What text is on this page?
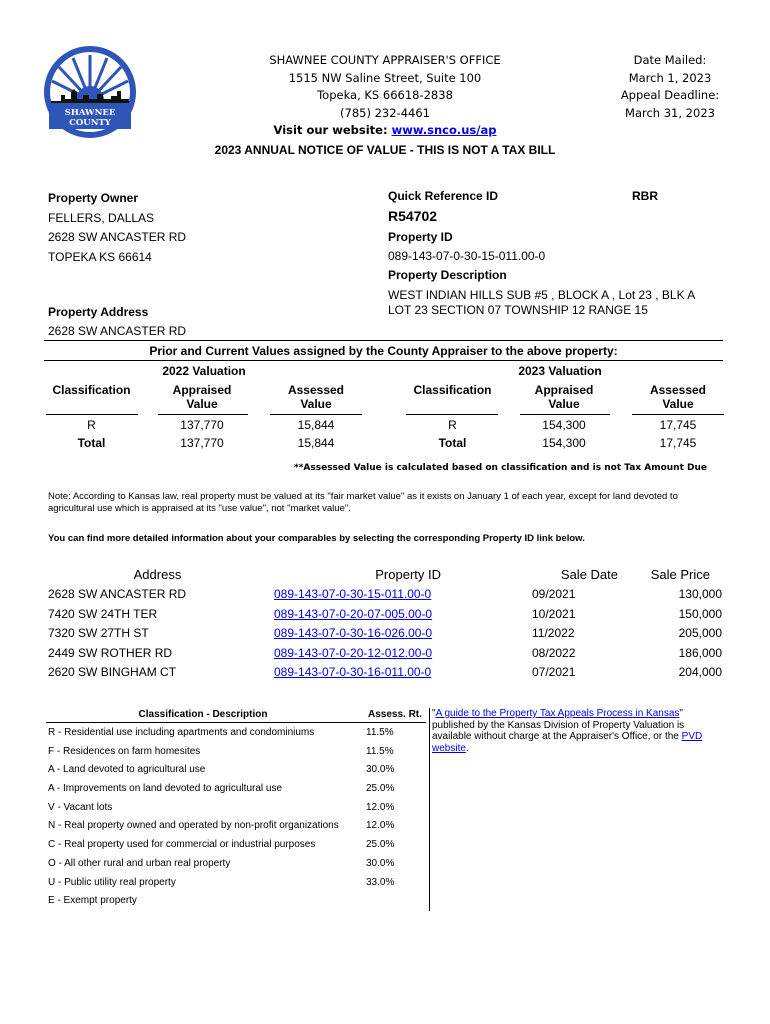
SHAWNEE
COUNTY
SHAWNEE COUNTY APPRAISER'S OFFICE
1515 NW Saline Street, Suite 100
Topeka, KS 66618-2838
(785) 232-4461
Visit our website: www.snco.us/ap
Date Mailed:
March 1, 2023
Appeal Deadline:
March 31, 2023
2023 ANNUAL NOTICE OF VALUE - THIS IS NOT A TAX BILL
Property Owner
FELLERS, DALLAS
2628 SW ANCASTER RD
TOPEKA KS 66614
Quick Reference ID	RBR
R54702
Property ID
089-143-07-0-30-15-011.00-0
Property Description
WEST INDIAN HILLS SUB #5 , BLOCK A , Lot 23 , BLK A
LOT 23 SECTION 07 TOWNSHIP 12 RANGE 15
Property Address
2628 SW ANCASTER RD
Prior and Current Values assigned by the County Appraiser to the above property:
2022 Valuation	2023 Valuation
Classification	Appraised
Value
Assessed
Value
Classification	Appraised
Value
Assessed
Value
R	137,770	15,844
Total	137,770	15,844
R	154,300	17,745
Total	154,300	17,745
**Assessed Value is calculated based on classification and is not Tax Amount Due
Note: According to Kansas law, real property must be valued at its "fair market value" as it exists on January 1 of each year, except for land devoted to
agricultural use which is appraised at its "use value", not "market value".
You can find more detailed information about your comparables by selecting the corresponding Property ID link below.
Address	Property ID	Sale Date	Sale Price
2628 SW ANCASTER RD	089-143-07-0-30-15-011.00-0	09/2021	130,000
7420 SW 24TH TER	089-143-07-0-20-07-005.00-0	10/2021	150,000
7320 SW 27TH ST	089-143-07-0-30-16-026.00-0	11/2022	205,000
2449 SW ROTHER RD	089-143-07-0-20-12-012.00-0	08/2022	186,000
2620 SW BINGHAM CT	089-143-07-0-30-16-011.00-0	07/2021	204,000
Classification - Description	Assess. Rt.
R - Residential use including apartments and condominiums	11.5%
F - Residences on farm homesites	11.5%
A - Land devoted to agricultural use	30.0%
A - Improvements on land devoted to agricultural use	25.0%
V - Vacant lots	12.0%
N - Real property owned and operated by non-profit organizations	12.0%
C - Real property used for commercial or industrial purposes	25.0%
O - All other rural and urban real property	30.0%
U - Public utility real property	33.0%
E - Exempt property
"A guide to the Property Tax Appeals Process in Kansas"
published by the Kansas Division of Property Valuation is
available without charge at the Appraiser's Office, or the PVD
website.
